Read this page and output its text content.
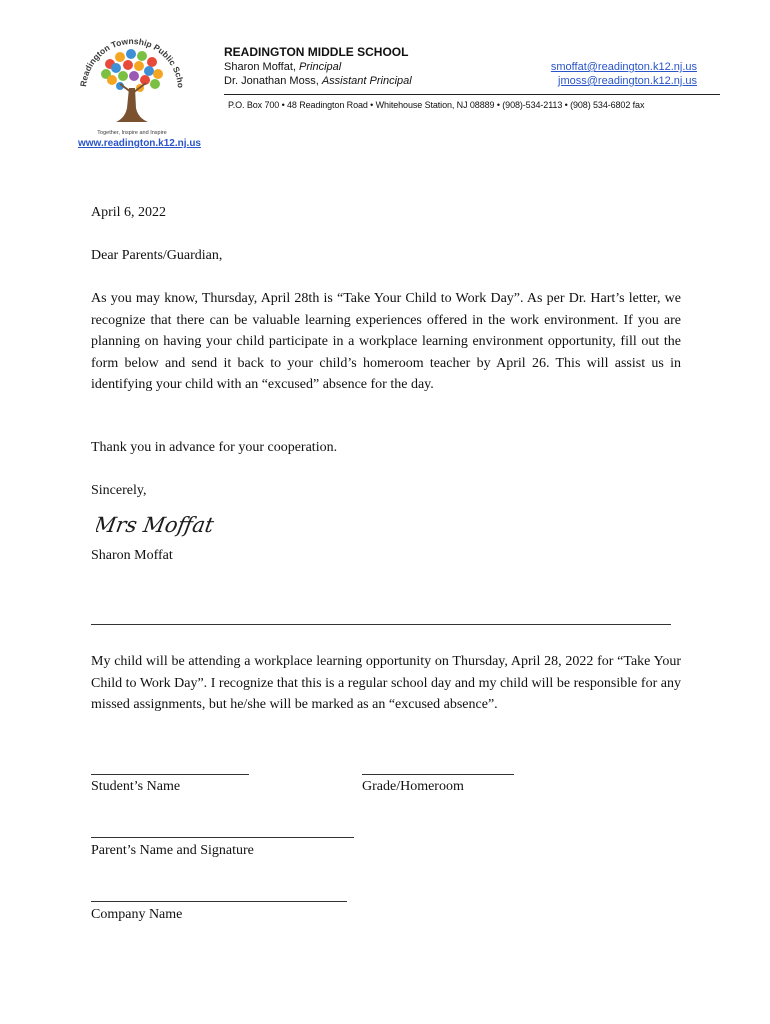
Readington Township Public Scho
Together, Inspire and Inspire
www.readington.k12.nj.us
READINGTON MIDDLE SCHOOL
Sharon Moffat, Principal
Dr. Jonathan Moss, Assistant Principal
smoffat@readington.k12.nj.us
jmoss@readington.k12.nj.us
P.O. Box 700 • 48 Readington Road • Whitehouse Station, NJ 08889 • (908)-534-2113 • (908) 534-6802 fax
April 6, 2022
Dear Parents/Guardian,
As you may know, Thursday, April 28th is “Take Your Child to Work Day”. As per Dr. Hart’s letter, we recognize that there can be valuable learning experiences offered in the work environment. If you are planning on having your child participate in a workplace learning environment opportunity, fill out the form below and send it back to your child’s homeroom teacher by April 26. This will assist us in identifying your child with an “excused” absence for the day.
Thank you in advance for your cooperation.
Sincerely,
Mrs Moffat
Sharon Moffat
My child will be attending a workplace learning opportunity on Thursday, April 28, 2022 for “Take Your Child to Work Day”. I recognize that this is a regular school day and my child will be responsible for any missed assignments, but he/she will be marked as an “excused absence”.
Student’s Name	Grade/Homeroom
Parent’s Name and Signature
Company Name
